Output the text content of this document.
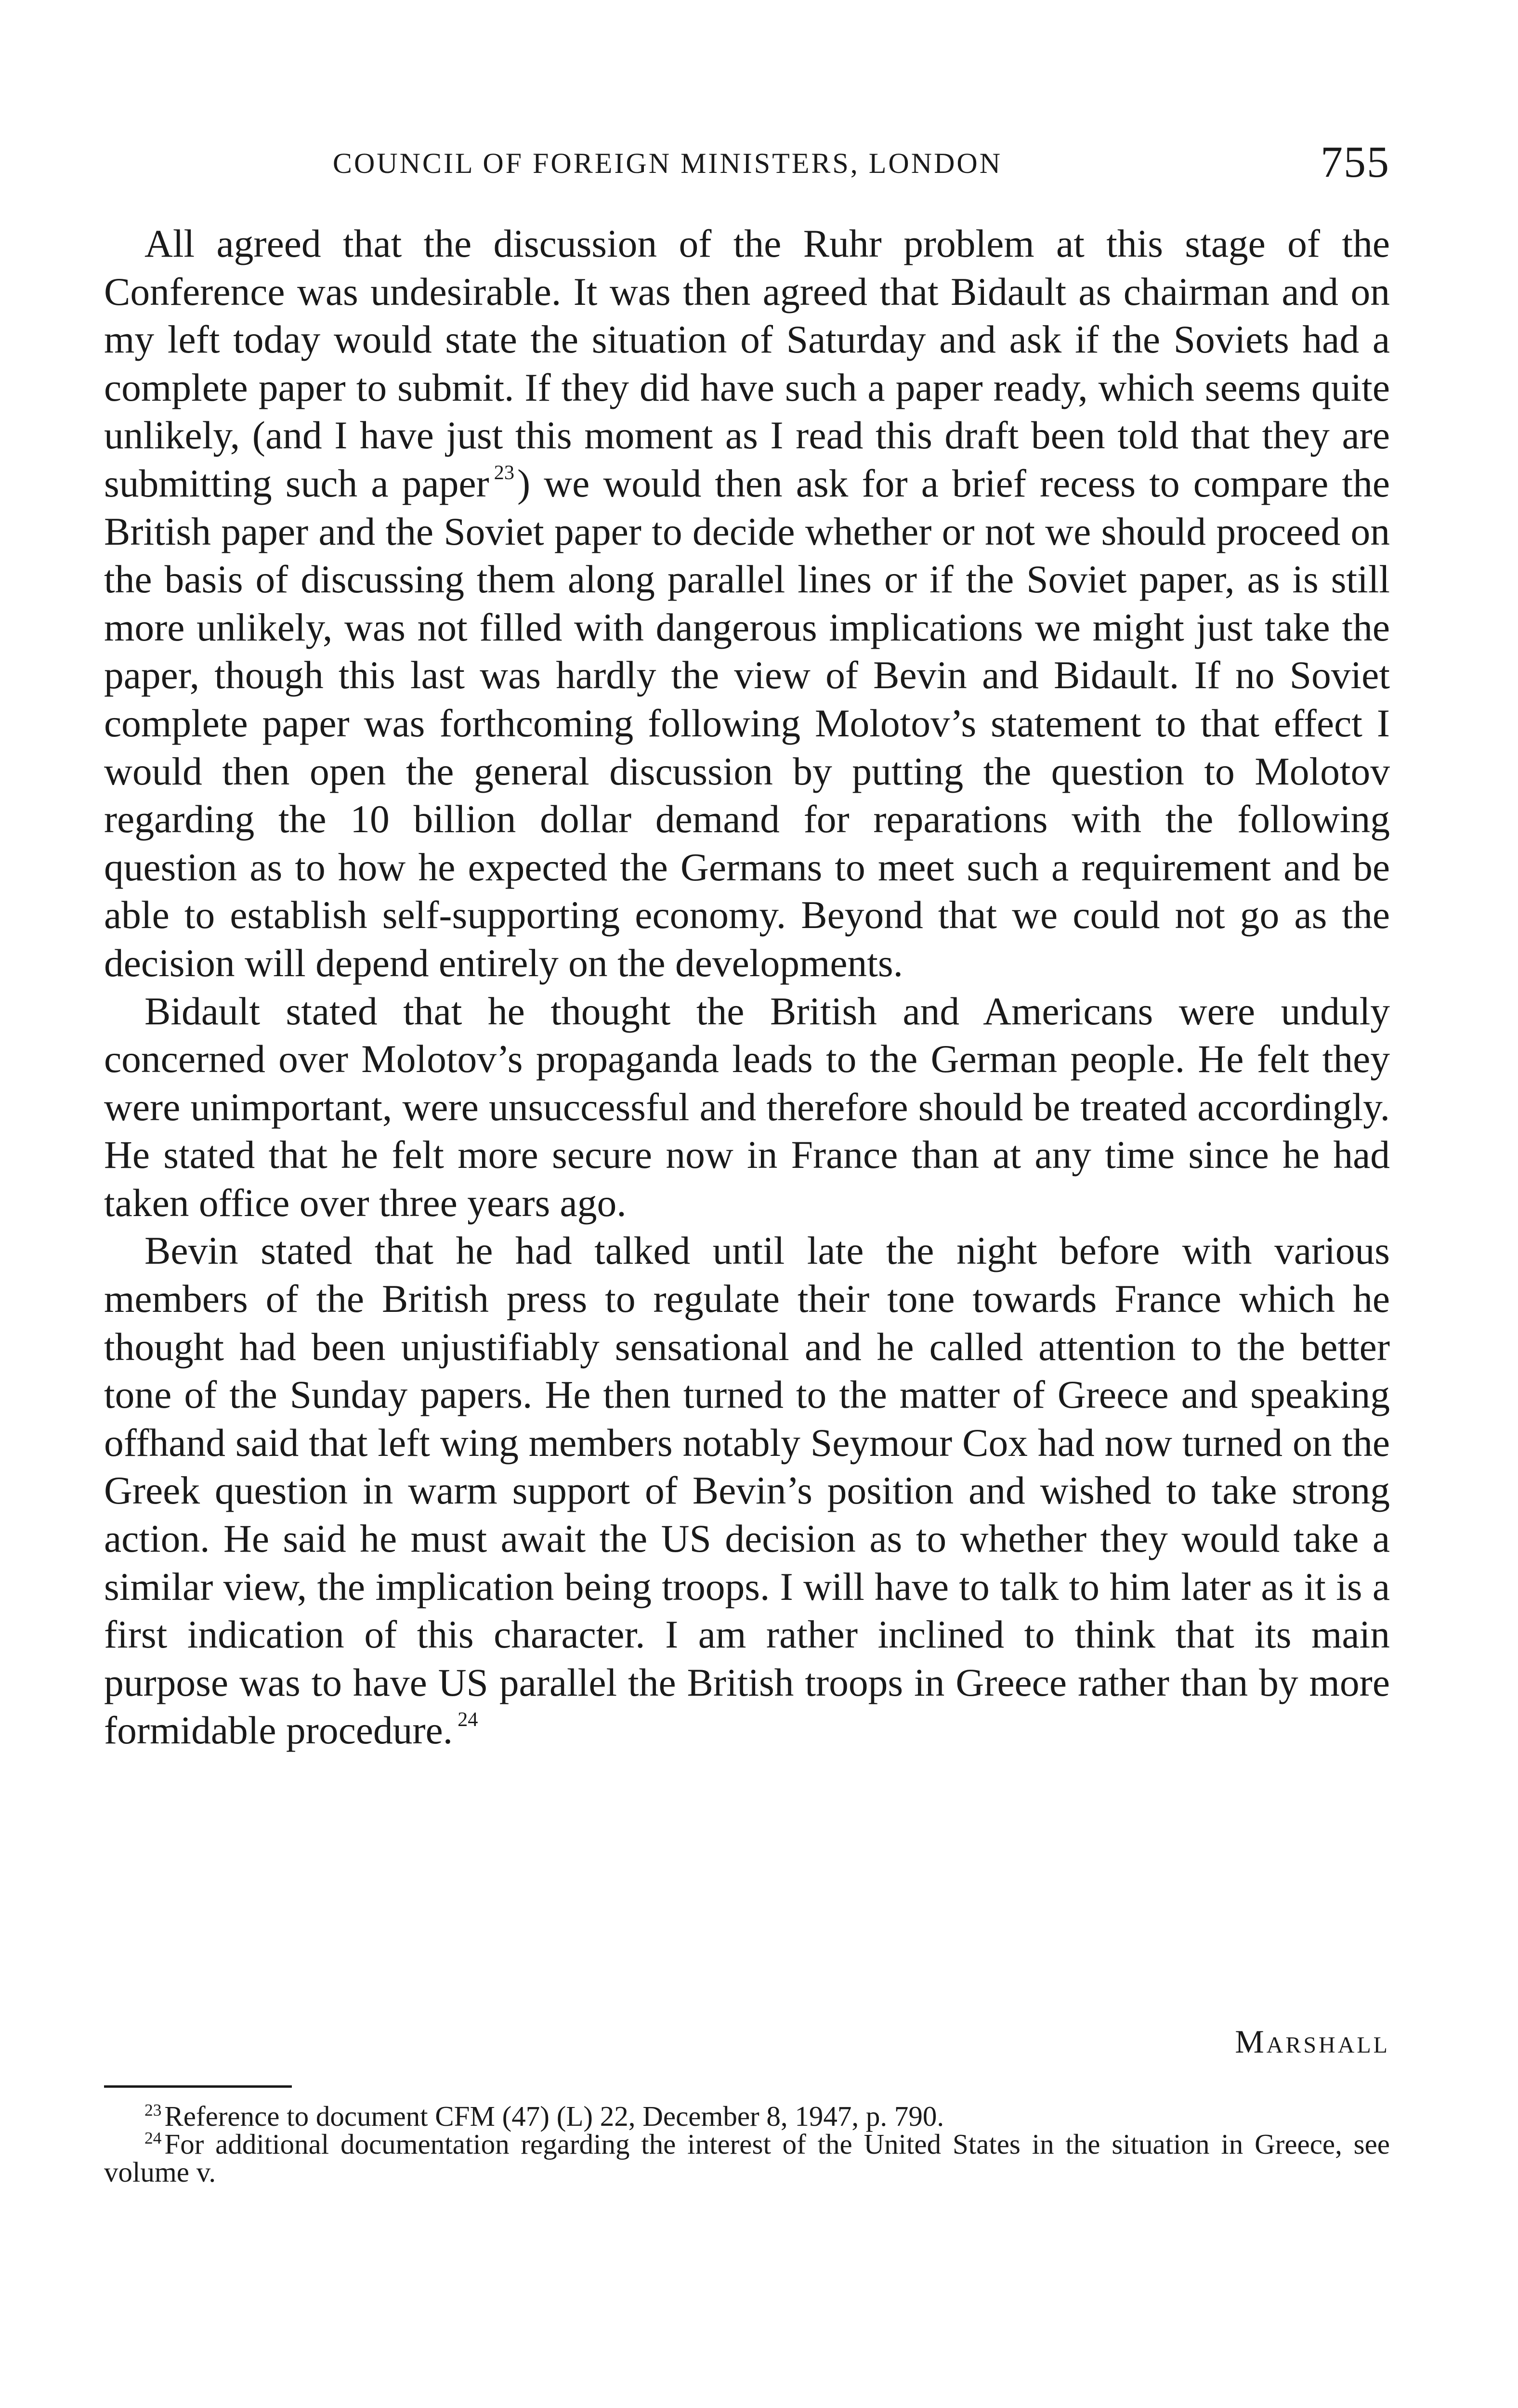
COUNCIL OF FOREIGN MINISTERS, LONDON	755

All agreed that the discussion of the Ruhr problem at this stage of the Conference was undesirable. It was then agreed that Bidault as chairman and on my left today would state the situation of Saturday and ask if the Soviets had a complete paper to submit. If they did have such a paper ready, which seems quite unlikely, (and I have just this moment as I read this draft been told that they are submitting such a paper $^{23}$) we would then ask for a brief recess to compare the British paper and the Soviet paper to decide whether or not we should proceed on the basis of discussing them along parallel lines or if the Soviet paper, as is still more unlikely, was not filled with dangerous implications we might just take the paper, though this last was hardly the view of Bevin and Bidault. If no Soviet complete paper was forthcoming following Molotov’s statement to that effect I would then open the general discussion by putting the question to Molotov regarding the 10 billion dollar demand for reparations with the following question as to how he expected the Germans to meet such a requirement and be able to establish self-supporting economy. Beyond that we could not go as the decision will depend entirely on the developments.

Bidault stated that he thought the British and Americans were unduly concerned over Molotov’s propaganda leads to the German people. He felt they were unimportant, were unsuccessful and therefore should be treated accordingly. He stated that he felt more secure now in France than at any time since he had taken office over three years ago.

Bevin stated that he had talked until late the night before with various members of the British press to regulate their tone towards France which he thought had been unjustifiably sensational and he called attention to the better tone of the Sunday papers. He then turned to the matter of Greece and speaking offhand said that left wing members notably Seymour Cox had now turned on the Greek question in warm support of Bevin’s position and wished to take strong action. He said he must await the US decision as to whether they would take a similar view, the implication being troops. I will have to talk to him later as it is a first indication of this character. I am rather inclined to think that its main purpose was to have US parallel the British troops in Greece rather than by more formidable procedure. $^{24}$

Marshall

$^{23}$ Reference to document CFM (47) (L) 22, December 8, 1947, p. 790.

$^{24}$ For additional documentation regarding the interest of the United States in the situation in Greece, see volume v.
